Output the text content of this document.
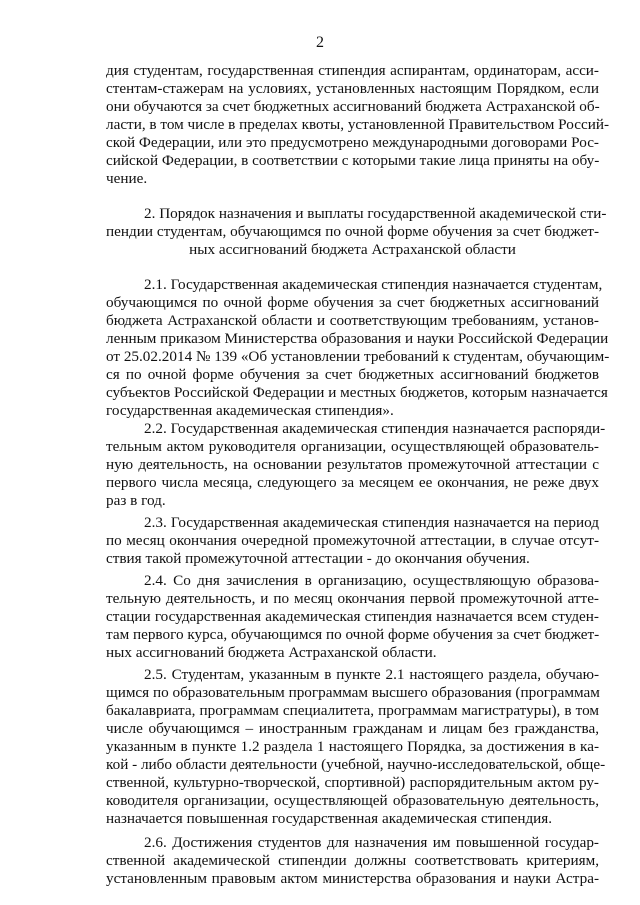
2
дия студентам, государственная стипендия аспирантам, ординаторам, асси-
стентам-стажерам на условиях, установленных настоящим Порядком, если
они обучаются за счет бюджетных ассигнований бюджета Астраханской об-
ласти, в том числе в пределах квоты, установленной Правительством Россий-
ской Федерации, или это предусмотрено международными договорами Рос-
сийской Федерации, в соответствии с которыми такие лица приняты на обу-
чение.
2. Порядок назначения и выплаты государственной академической сти-
пендии студентам, обучающимся по очной форме обучения за счет бюджет-
ных ассигнований бюджета Астраханской области
2.1. Государственная академическая стипендия назначается студентам,
обучающимся по очной форме обучения за счет бюджетных ассигнований
бюджета Астраханской области и соответствующим требованиям, установ-
ленным приказом Министерства образования и науки Российской Федерации
от 25.02.2014 № 139 «Об установлении требований к студентам, обучающим-
ся по очной форме обучения за счет бюджетных ассигнований бюджетов
субъектов Российской Федерации и местных бюджетов, которым назначается
государственная академическая стипендия».
2.2. Государственная академическая стипендия назначается распоряди-
тельным актом руководителя организации, осуществляющей образователь-
ную деятельность, на основании результатов промежуточной аттестации с
первого числа месяца, следующего за месяцем ее окончания, не реже двух
раз в год.
2.3. Государственная академическая стипендия назначается на период
по месяц окончания очередной промежуточной аттестации, в случае отсут-
ствия такой промежуточной аттестации - до окончания обучения.
2.4. Со дня зачисления в организацию, осуществляющую образова-
тельную деятельность, и по месяц окончания первой промежуточной атте-
стации государственная академическая стипендия назначается всем студен-
там первого курса, обучающимся по очной форме обучения за счет бюджет-
ных ассигнований бюджета Астраханской области.
2.5. Студентам, указанным в пункте 2.1 настоящего раздела, обучаю-
щимся по образовательным программам высшего образования (программам
бакалавриата, программам специалитета, программам магистратуры), в том
числе обучающимся – иностранным гражданам и лицам без гражданства,
указанным в пункте 1.2 раздела 1 настоящего Порядка, за достижения в ка-
кой - либо области деятельности (учебной, научно-исследовательской, обще-
ственной, культурно-творческой, спортивной) распорядительным актом ру-
ководителя организации, осуществляющей образовательную деятельность,
назначается повышенная государственная академическая стипендия.
2.6. Достижения студентов для назначения им повышенной государ-
ственной академической стипендии должны соответствовать критериям,
установленным правовым актом министерства образования и науки Астра-
